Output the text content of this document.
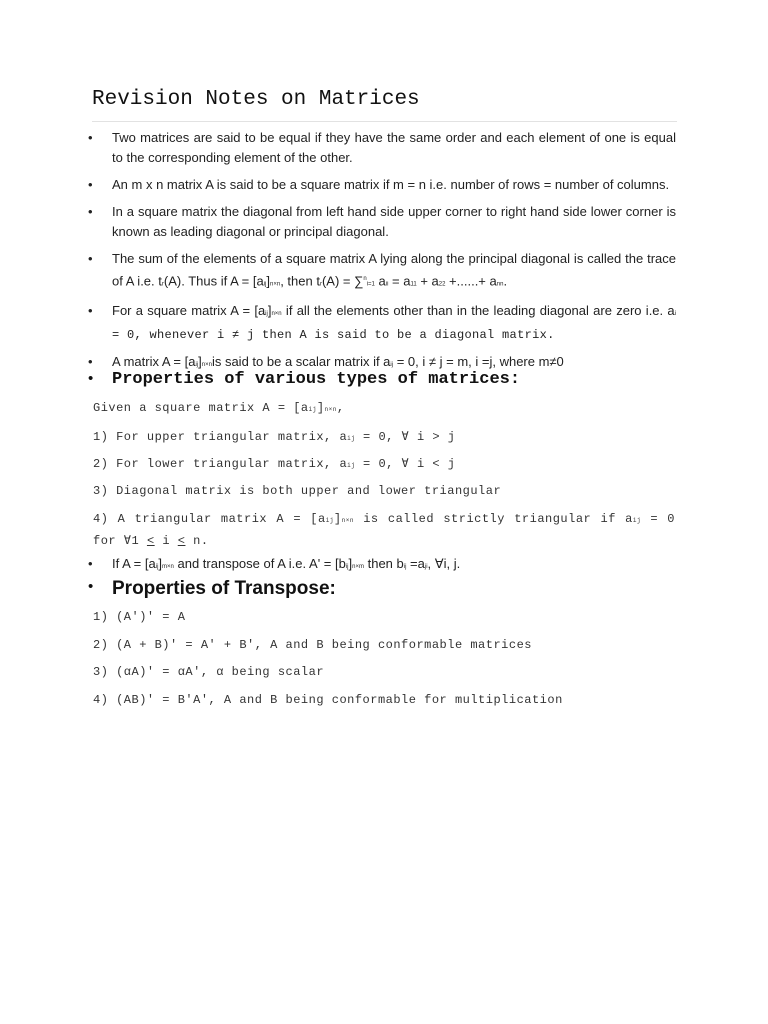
Revision Notes on Matrices
• Two matrices are said to be equal if they have the same order and each element of one is equal to the corresponding element of the other.
• An m x n matrix A is said to be a square matrix if m = n i.e. number of rows = number of columns.
• In a square matrix the diagonal from left hand side upper corner to right hand side lower corner is known as leading diagonal or principal diagonal.
• The sum of the elements of a square matrix A lying along the principal diagonal is called the trace of A i.e. tr(A). Thus if A = [aij]n×n, then tr(A) = ∑$^n$i=1 aii = a11 + a22 +......+ ann.
• For a square matrix A = [aij]n×n if all the elements other than in the leading diagonal are zero i.e. ai = 0, whenever i ≠ j then A is said to be a diagonal matrix.
• A matrix A = [aij]n×nis said to be a scalar matrix if aij = 0, i ≠ j = m, i =j, where m≠0
• Properties of various types of matrices:
Given a square matrix A = [aij]n×n,
1) For upper triangular matrix, aij = 0, ∀ i > j
2) For lower triangular matrix, aij = 0, ∀ i < j
3) Diagonal matrix is both upper and lower triangular
4) A triangular matrix A = [aij]n×n is called strictly triangular if aij = 0 for ∀1 < i < n.
• If A = [aij]m×n and transpose of A i.e. A' = [bij]n×m then bij =aji, ∀i, j.
• Properties of Transpose:
1) (A')' = A
2) (A + B)' = A' + B', A and B being conformable matrices
3) (αA)' = αA', α being scalar
4) (AB)' = B'A', A and B being conformable for multiplication
